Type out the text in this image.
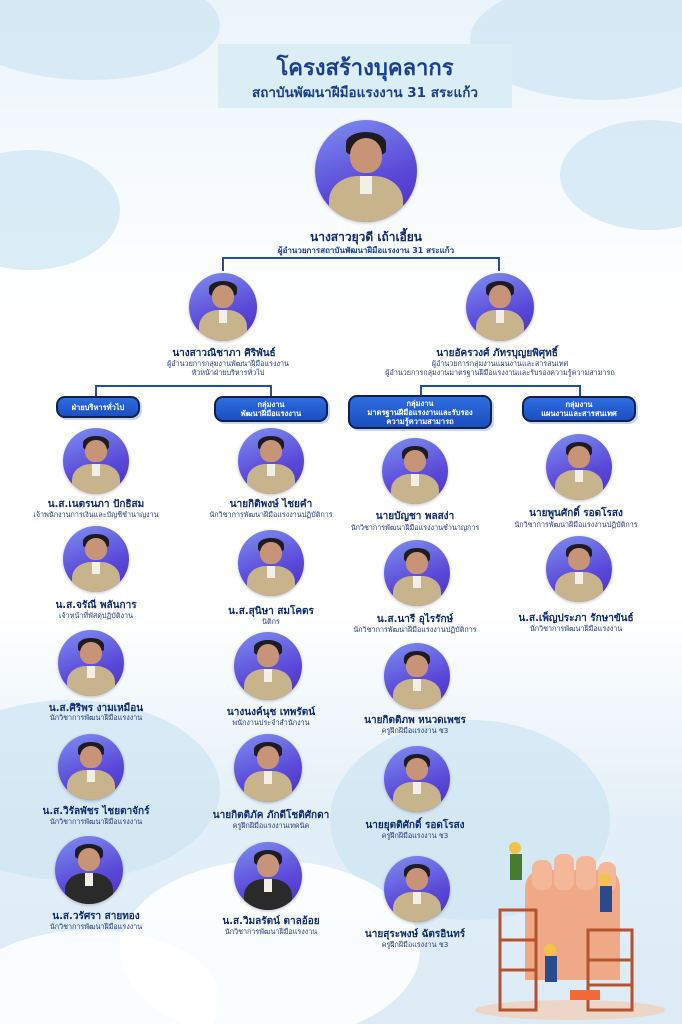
โครงสร้างบุคลากร
สถาบันพัฒนาฝีมือแรงงาน 31 สระแก้ว
นางสาวยุวดี เถ้าเอี้ยน
ผู้อำนวยการสถาบันพัฒนาฝีมือแรงงาน 31 สระแก้ว
นางสาวณิชาภา ศิริพันธ์
ผู้อำนวยการกลุ่มงานพัฒนาฝีมือแรงงาน
หัวหน้าฝ่ายบริหารทั่วไป
นายอัครวงศ์ ภัทรบุญยพิศุทธิ์
ผู้อำนวยการกลุ่มงานแผนงานและสารสนเทศ
ผู้อำนวยการกลุ่มงานมาตรฐานฝีมือแรงงานและรับรองความรู้ความสามารถ
ฝ่ายบริหารทั่วไป	กลุ่มงาน
พัฒนาฝีมือแรงงาน
กลุ่มงาน
มาตรฐานฝีมือแรงงานและรับรอง
ความรู้ความสามารถ
กลุ่มงาน
แผนงานและสารสนเทศ
น.ส.เนตรนภา ปักธิสม
เจ้าพนักงานการเงินและบัญชีชำนาญงาน
น.ส.จรัณี พลันการ
เจ้าหน้าที่พัสดุปฏิบัติงาน
น.ส.ศิริพร งามเหมือน
นักวิชาการพัฒนาฝีมือแรงงาน
น.ส.วิรัลพัชร ไชยตาจักร์
นักวิชาการพัฒนาฝีมือแรงงาน
น.ส.วรัศรา สายทอง
นักวิชาการพัฒนาฝีมือแรงงาน
นายกิติพงษ์ ไชยคำ
นักวิชาการพัฒนาฝีมือแรงงานปฏิบัติการ
น.ส.สุนิษา สมโคตร
นิติกร
นางนงค์นุช เทพรัตน์
พนักงานประจำสำนักงาน
นายกิตติภัค ภักดีโชติศักดา
ครูฝึกฝีมือแรงงานเทคนิค
น.ส.วิมลรัตน์ ตาลอ้อย
นักวิชาการพัฒนาฝีมือแรงงาน
นายบัญชา พลสง่า
นักวิชาการพัฒนาฝีมือแรงงานชำนาญการ
น.ส.นารี อุไรรักษ์
นักวิชาการพัฒนาฝีมือแรงงานปฏิบัติการ
นายกิตติภพ หนวดเพชร
ครูฝึกฝีมือแรงงาน ช3
นายยุตติศักดิ์ รอดโรสง
ครูฝึกฝีมือแรงงาน ช3
นายสุระพงษ์ ฉัตรอินทร์
ครูฝึกฝีมือแรงงาน ช3
นายพูนศักดิ์ รอดโรสง
นักวิชาการพัฒนาฝีมือแรงงานปฏิบัติการ
น.ส.เพ็ญประภา รักษาขันธ์
นักวิชาการพัฒนาฝีมือแรงงาน
